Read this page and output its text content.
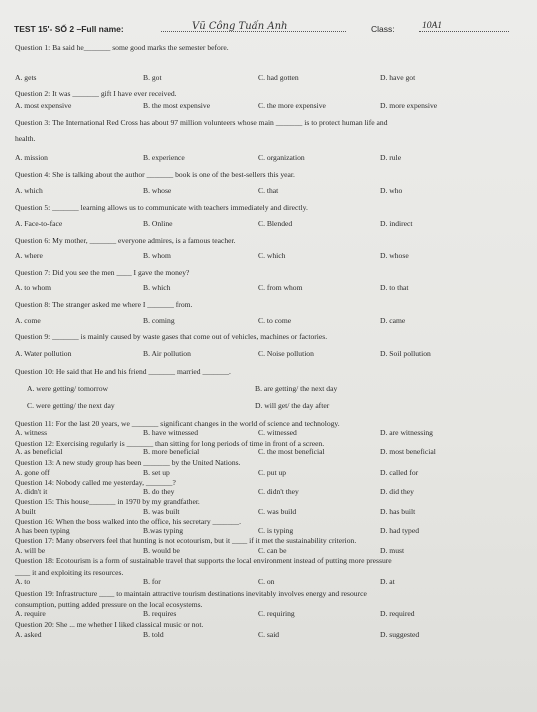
TEST 15'- SỐ 2 –Full name:	Vũ Công Tuấn Anh	Class:	10A1
Question 1: Ba said he_______ some good marks the semester before.
A. gets	B. got	C. had gotten	D. have got
Question 2: It was _______ gift I have ever received.
A. most expensive	B. the most expensive	C. the more expensive	D. more expensive
Question 3: The International Red Cross has about 97 million volunteers whose main _______ is to protect human life and
health.
A. mission	B. experience	C. organization	D. rule
Question 4: She is talking about the author _______ book is one of the best-sellers this year.
A. which	B. whose	C. that	D. who
Question 5: _______ learning allows us to communicate with teachers immediately and directly.
A. Face-to-face	B. Online	C. Blended	D. indirect
Question 6: My mother, _______ everyone admires, is a famous teacher.
A. where	B. whom	C. which	D. whose
Question 7: Did you see the men ____ I gave the money?
A. to whom	B. which	C. from whom	D. to that
Question 8: The stranger asked me where I _______ from.
A. come	B. coming	C. to come	D. came
Question 9: _______ is mainly caused by waste gases that come out of vehicles, machines or factories.
A. Water pollution	B. Air pollution	C. Noise pollution	D. Soil pollution
Question 10: He said that He and his friend _______ married _______.
A. were getting/ tomorrow	B. are getting/ the next day
C. were getting/ the next day	D. will get/ the day after
Question 11: For the last 20 years, we _______ significant changes in the world of science and technology.
A. witness	B. have witnessed	C. witnessed	D. are witnessing
Question 12: Exercising regularly is _______ than sitting for long periods of time in front of a screen.
A. as beneficial	B. more beneficial	C. the most beneficial	D. most beneficial
Question 13: A new study group has been _______ by the United Nations.
A. gone off	B. set up	C. put up	D. called for
Question 14: Nobody called me yesterday, _______?
A. didn't it	B. do they	C. didn't they	D. did they
Question 15: This house_______ in 1970 by my grandfather.
A built	B. was built	C. was build	D. has built
Question 16: When the boss walked into the office, his secretary _______.
A has been typing	B.was typing	C. is typing	D. had typed
Question 17: Many observers feel that hunting is not ecotourism, but it ____ if it met the sustainability criterion.
A. will be	B. would be	C. can be	D. must
Question 18: Ecotourism is a form of sustainable travel that supports the local environment instead of putting more pressure
____ it and exploiting its resources.
A. to	B. for	C. on	D. at
Question 19: Infrastructure ____ to maintain attractive tourism destinations inevitably involves energy and resource
consumption, putting added pressure on the local ecosystems.
A. require	B. requires	C. requiring	D. required
Question 20: She ... me whether I liked classical music or not.
A. asked	B. told	C. said	D. suggested
